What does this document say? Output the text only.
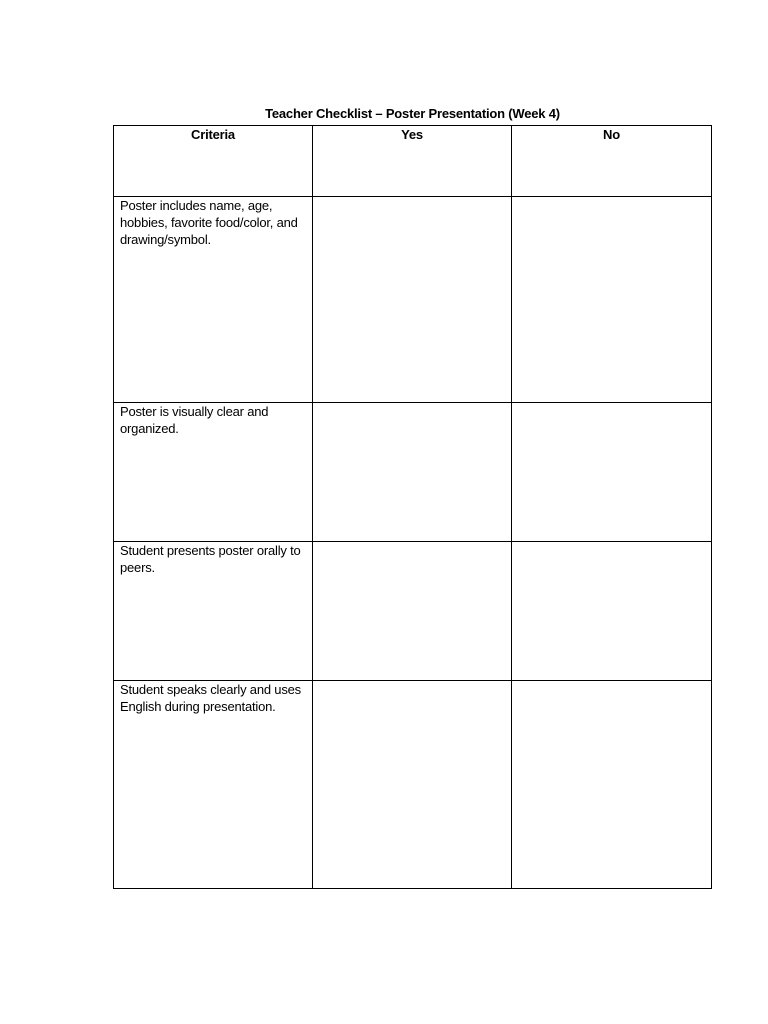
Teacher Checklist – Poster Presentation (Week 4)
Criteria	Yes	No
Poster includes name, age, hobbies, favorite food/color, and drawing/symbol.		
Poster is visually clear and organized.		
Student presents poster orally to peers.		
Student speaks clearly and uses English during presentation.		
